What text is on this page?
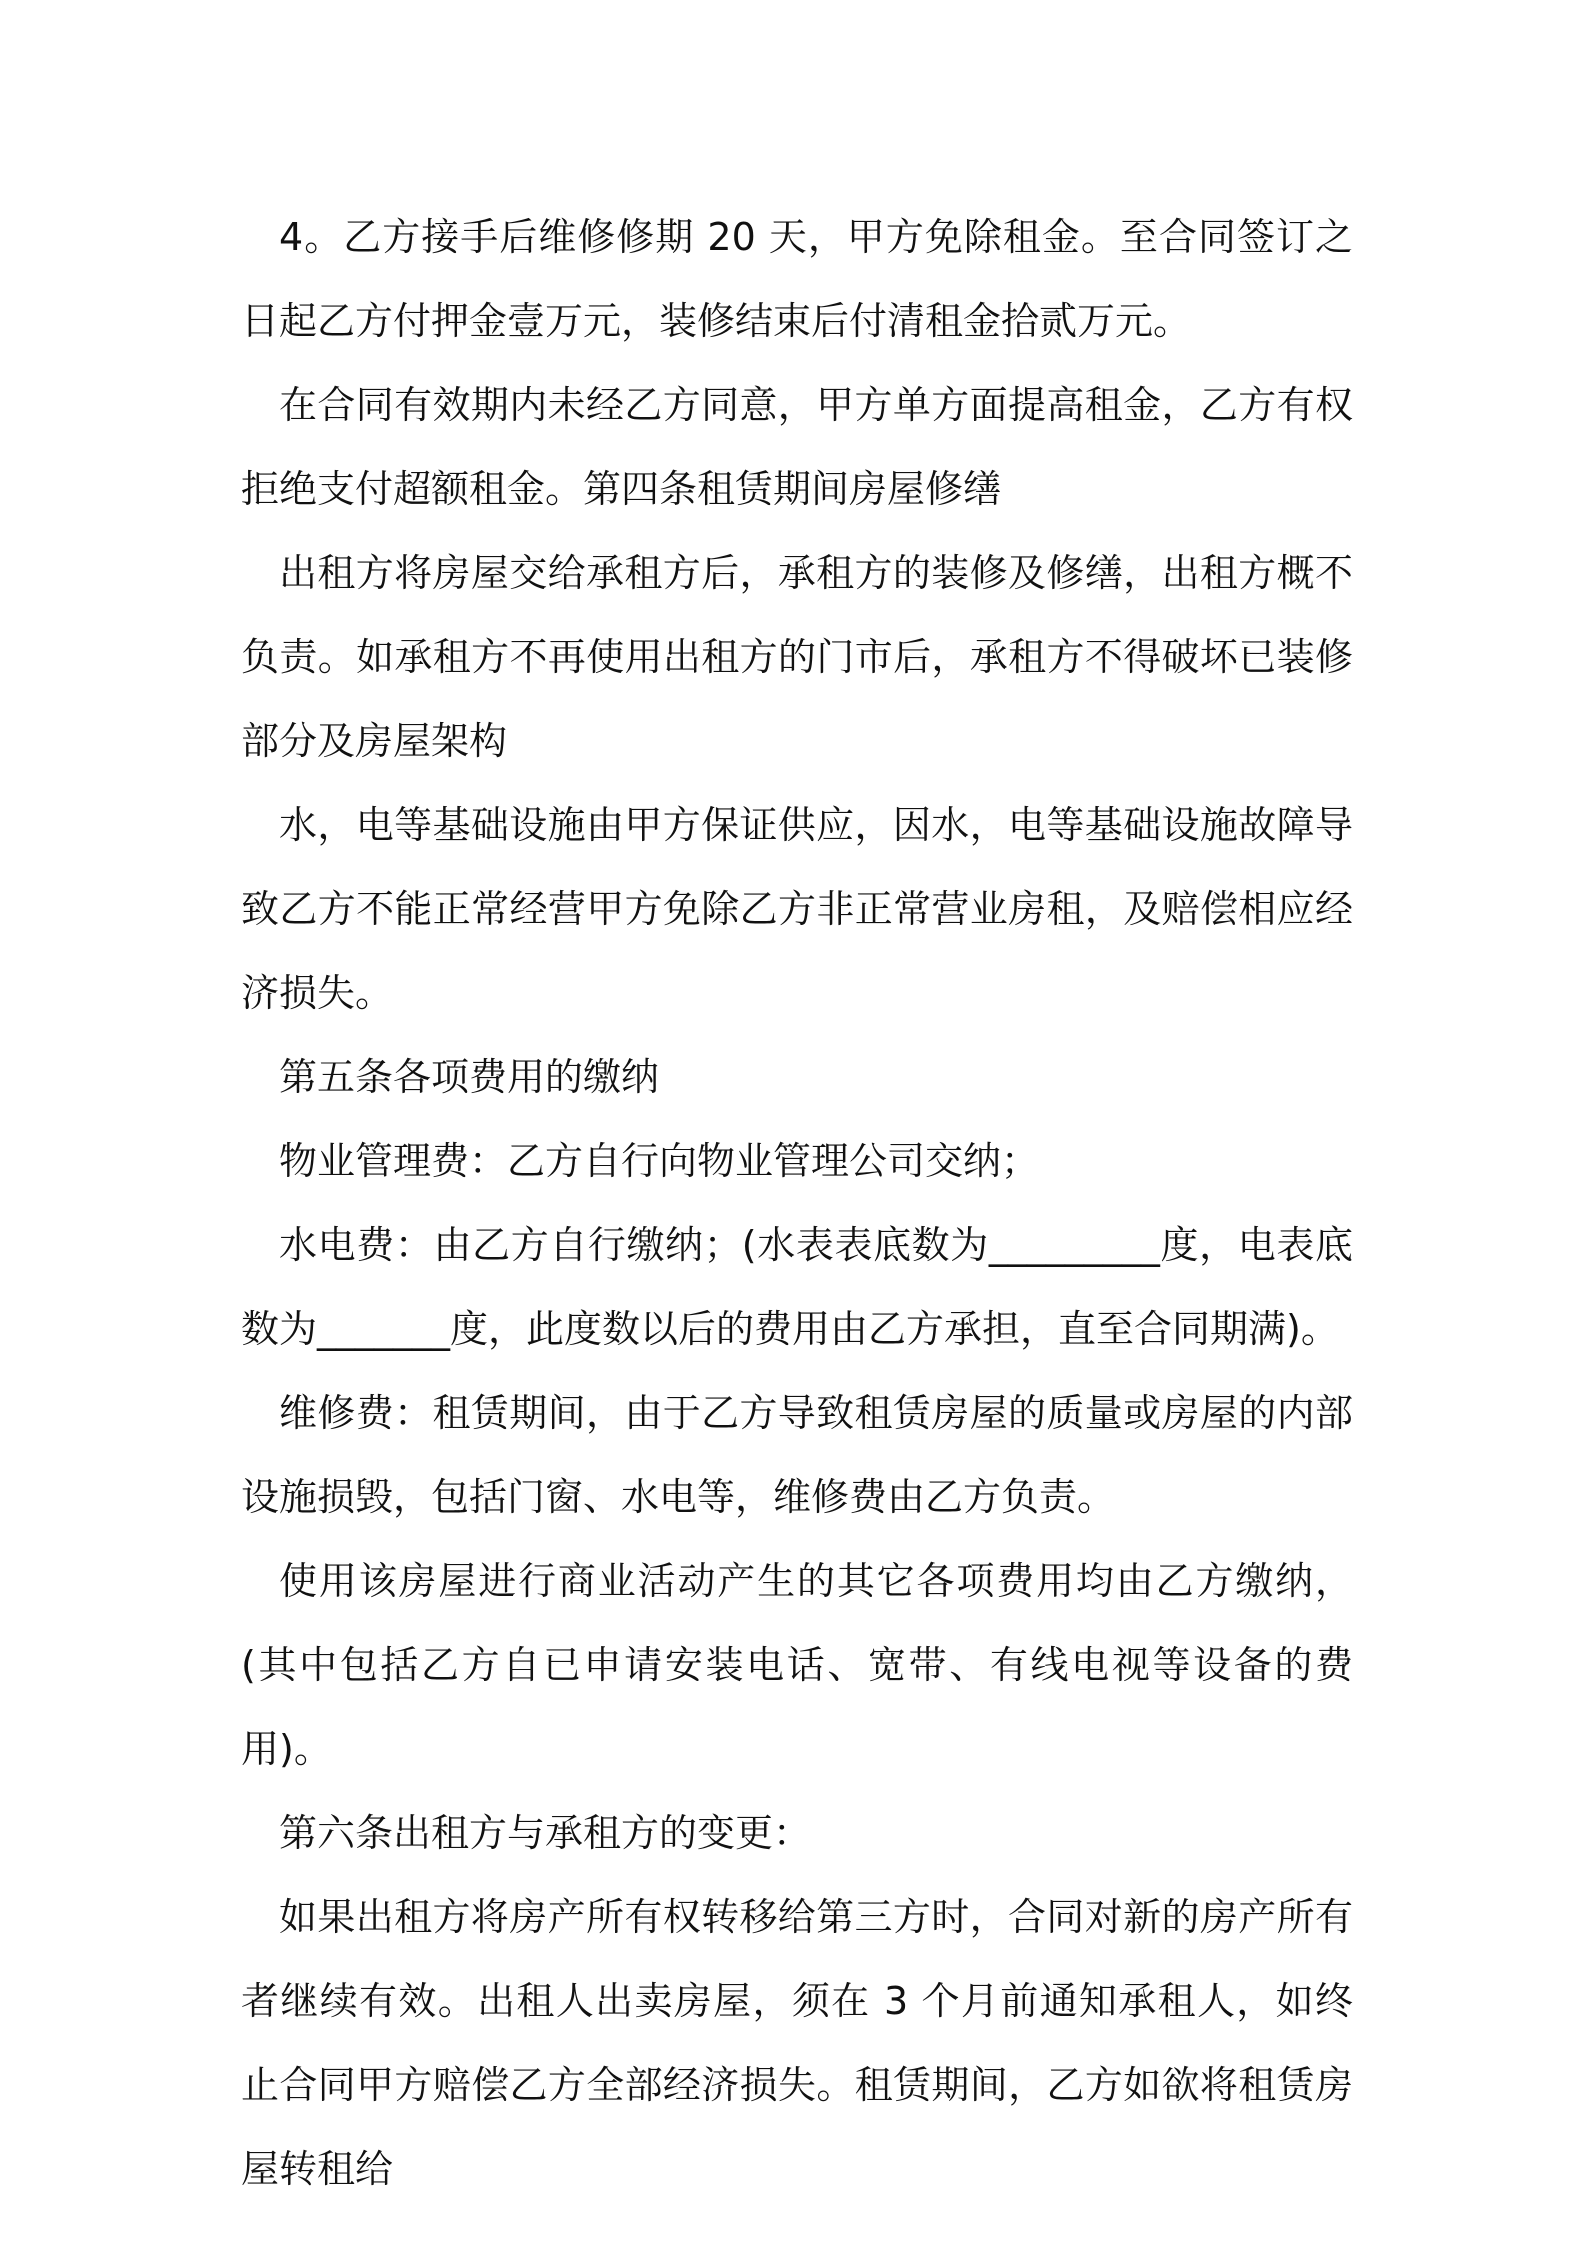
4。乙方接手后维修修期 20 天，甲方免除租金。至合同签订之日起乙方付押金壹万元，装修结束后付清租金拾贰万元。

在合同有效期内未经乙方同意，甲方单方面提高租金，乙方有权拒绝支付超额租金。第四条租赁期间房屋修缮

出租方将房屋交给承租方后，承租方的装修及修缮，出租方概不负责。如承租方不再使用出租方的门市后，承租方不得破坏已装修部分及房屋架构

水，电等基础设施由甲方保证供应，因水，电等基础设施故障导致乙方不能正常经营甲方免除乙方非正常营业房租，及赔偿相应经济损失。

第五条各项费用的缴纳

物业管理费：乙方自行向物业管理公司交纳；

水电费：由乙方自行缴纳；(水表表底数为_________度，电表底数为_______度，此度数以后的费用由乙方承担，直至合同期满)。

维修费：租赁期间，由于乙方导致租赁房屋的质量或房屋的内部设施损毁，包括门窗、水电等，维修费由乙方负责。

使用该房屋进行商业活动产生的其它各项费用均由乙方缴纳，(其中包括乙方自已申请安装电话、宽带、有线电视等设备的费用)。

第六条出租方与承租方的变更：

如果出租方将房产所有权转移给第三方时，合同对新的房产所有者继续有效。出租人出卖房屋，须在 3 个月前通知承租人，如终止合同甲方赔偿乙方全部经济损失。租赁期间，乙方如欲将租赁房屋转租给
